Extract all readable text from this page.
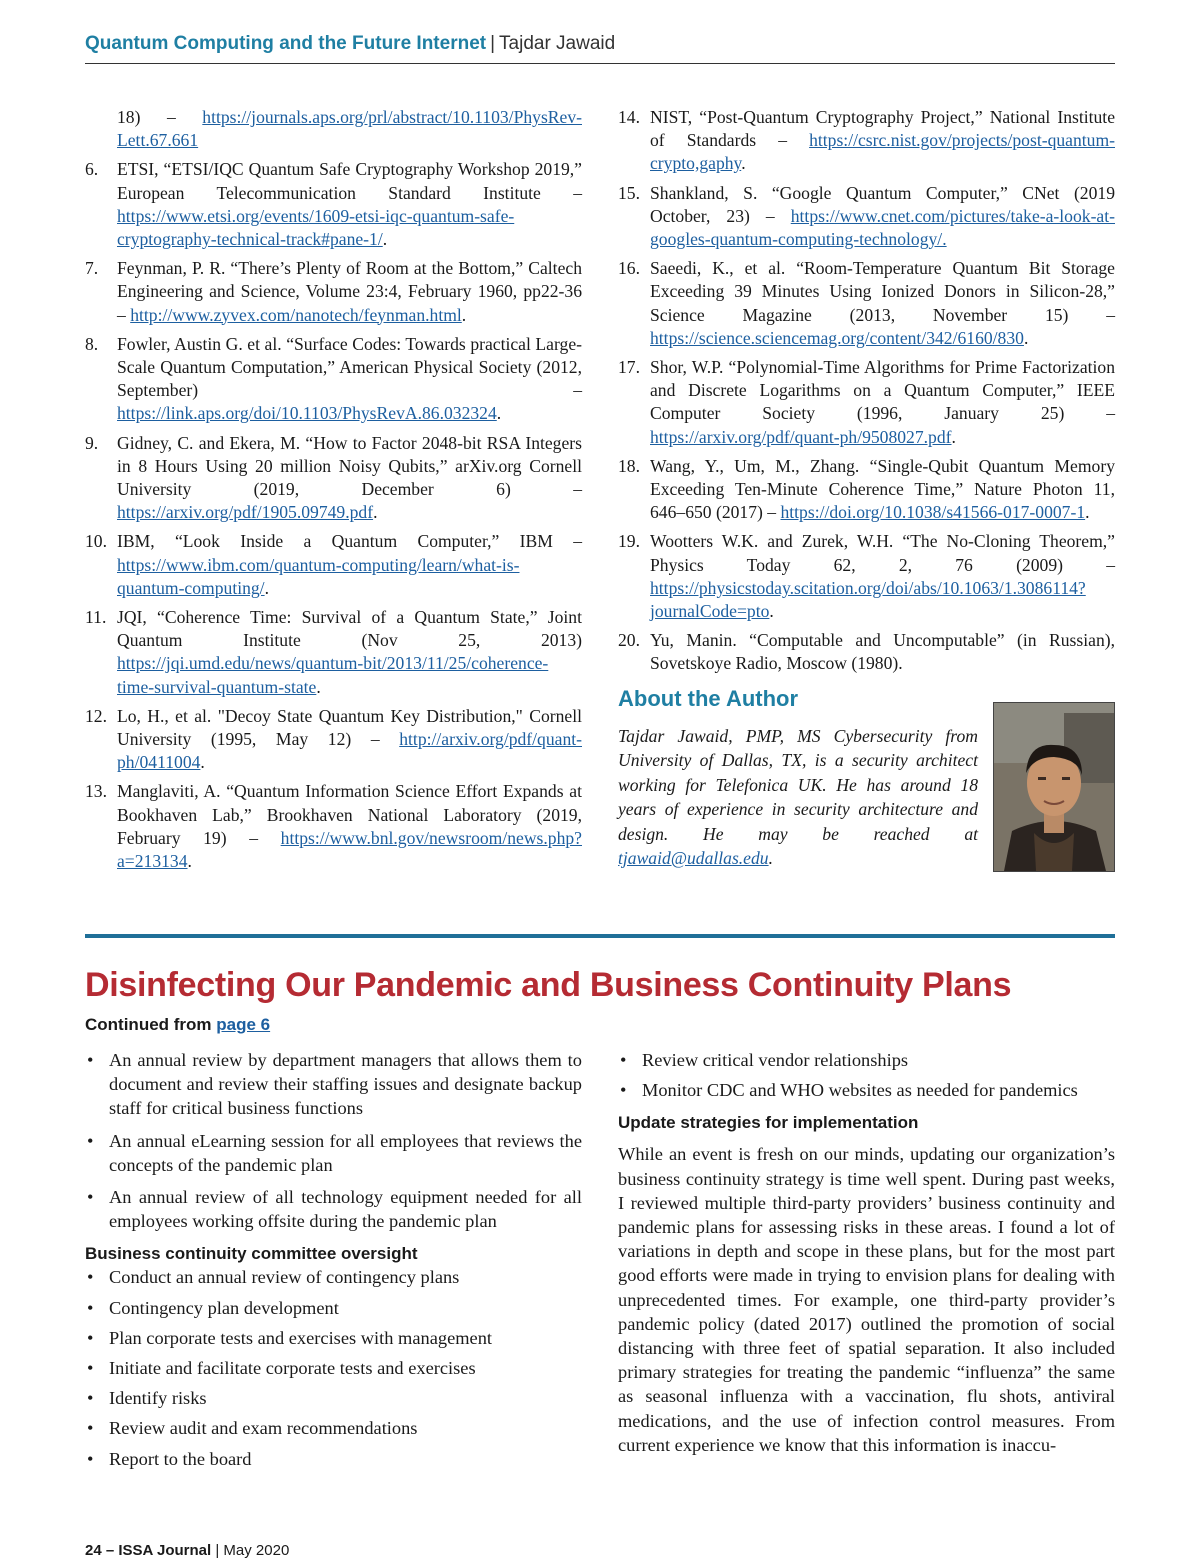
Quantum Computing and the Future Internet | Tajdar Jawaid
18) – https://journals.aps.org/prl/abstract/10.1103/PhysRev-Lett.67.661
6.	ETSI, “ETSI/IQC Quantum Safe Cryptography Workshop 2019,” European Telecommunication Standard Institute – https://www.etsi.org/events/1609-etsi-iqc-quantum-safe-cryptography-technical-track#pane-1/.
7.	Feynman, P. R. “There’s Plenty of Room at the Bottom,” Caltech Engineering and Science, Volume 23:4, February 1960, pp22-36 – http://www.zyvex.com/nanotech/feynman.html.
8.	Fowler, Austin G. et al. “Surface Codes: Towards practical Large-Scale Quantum Computation,” American Physical Society (2012, September) – https://link.aps.org/doi/10.1103/PhysRevA.86.032324.
9.	Gidney, C. and Ekera, M. “How to Factor 2048-bit RSA Integers in 8 Hours Using 20 million Noisy Qubits,” arXiv.org Cornell University (2019, December 6) – https://arxiv.org/pdf/1905.09749.pdf.
10. IBM, “Look Inside a Quantum Computer,” IBM – https://www.ibm.com/quantum-computing/learn/what-is-quantum-computing/.
11. JQI, “Coherence Time: Survival of a Quantum State,” Joint Quantum Institute (Nov 25, 2013) https://jqi.umd.edu/news/quantum-bit/2013/11/25/coherence-time-survival-quantum-state.
12. Lo, H., et al. "Decoy State Quantum Key Distribution," Cornell University (1995, May 12) – http://arxiv.org/pdf/quant-ph/0411004.
13. Manglaviti, A. “Quantum Information Science Effort Expands at Bookhaven Lab,” Brookhaven National Laboratory (2019, February 19) – https://www.bnl.gov/newsroom/news.php?a=213134.
14. NIST, “Post-Quantum Cryptography Project,” National Institute of Standards – https://csrc.nist.gov/projects/post-quantum-crypto,gaphy.
15. Shankland, S. “Google Quantum Computer,” CNet (2019 October, 23) – https://www.cnet.com/pictures/take-a-look-at-googles-quantum-computing-technology/.
16. Saeedi, K., et al. “Room-Temperature Quantum Bit Storage Exceeding 39 Minutes Using Ionized Donors in Silicon-28,” Science Magazine (2013, November 15) – https://science.sciencemag.org/content/342/6160/830.
17. Shor, W.P. “Polynomial-Time Algorithms for Prime Factorization and Discrete Logarithms on a Quantum Computer,” IEEE Computer Society (1996, January 25) – https://arxiv.org/pdf/quant-ph/9508027.pdf.
18. Wang, Y., Um, M., Zhang. “Single-Qubit Quantum Memory Exceeding Ten-Minute Coherence Time,” Nature Photon 11, 646–650 (2017) – https://doi.org/10.1038/s41566-017-0007-1.
19. Wootters W.K. and Zurek, W.H. “The No-Cloning Theorem,” Physics Today 62, 2, 76 (2009) – https://physicstoday.scitation.org/doi/abs/10.1063/1.3086114?journalCode=pto.
20. Yu, Manin. “Computable and Uncomputable” (in Russian), Sovetskoye Radio, Moscow (1980).
About the Author
Tajdar Jawaid, PMP, MS Cybersecurity from University of Dallas, TX, is a security architect working for Telefonica UK. He has around 18 years of experience in security architecture and design. He may be reached at tjawaid@udallas.edu.
Disinfecting Our Pandemic and Business Continuity Plans
Continued from page 6
• An annual review by department managers that allows them to document and review their staffing issues and designate backup staff for critical business functions
• An annual eLearning session for all employees that reviews the concepts of the pandemic plan
• An annual review of all technology equipment needed for all employees working offsite during the pandemic plan
Business continuity committee oversight
• Conduct an annual review of contingency plans
• Contingency plan development
• Plan corporate tests and exercises with management
• Initiate and facilitate corporate tests and exercises
• Identify risks
• Review audit and exam recommendations
• Report to the board
• Review critical vendor relationships
• Monitor CDC and WHO websites as needed for pandemics
Update strategies for implementation
While an event is fresh on our minds, updating our organization’s business continuity strategy is time well spent. During past weeks, I reviewed multiple third-party providers’ business continuity and pandemic plans for assessing risks in these areas. I found a lot of variations in depth and scope in these plans, but for the most part good efforts were made in trying to envision plans for dealing with unprecedented times. For example, one third-party provider’s pandemic policy (dated 2017) outlined the promotion of social distancing with three feet of spatial separation. It also included primary strategies for treating the pandemic “influenza” the same as seasonal influenza with a vaccination, flu shots, antiviral medications, and the use of infection control measures. From current experience we know that this information is inaccu-
24 – ISSA Journal | May 2020
